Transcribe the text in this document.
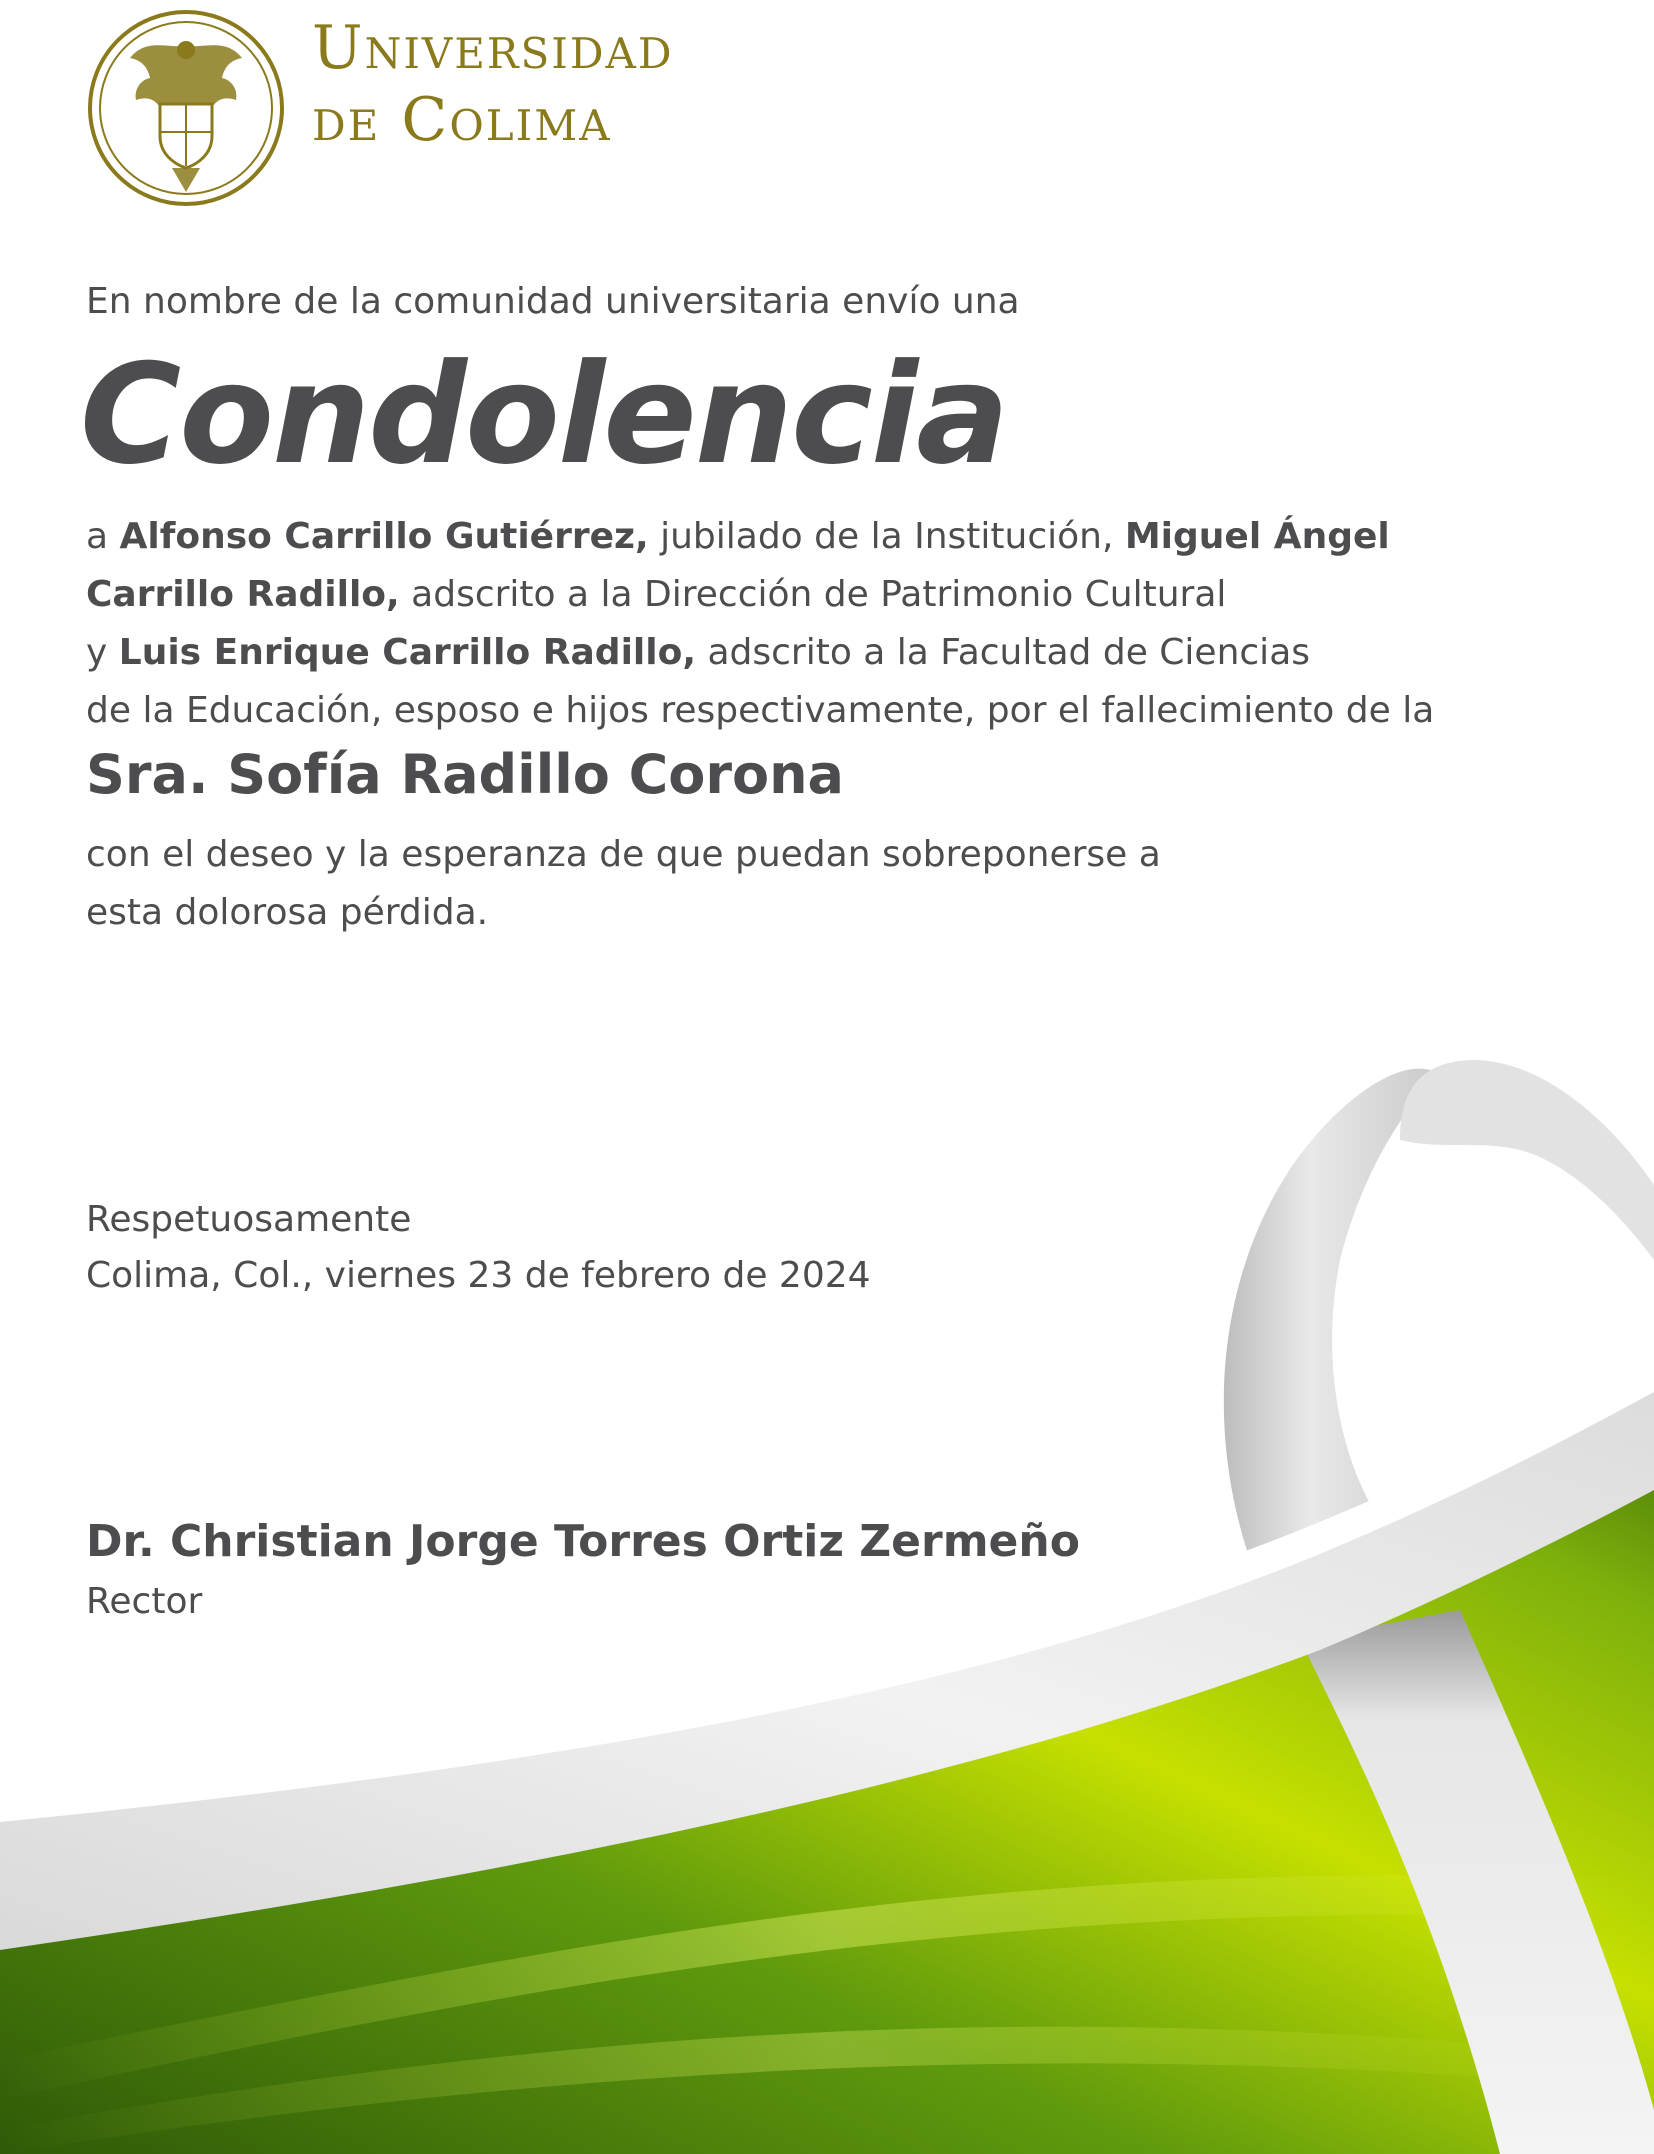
Universidad
de Colima
En nombre de la comunidad universitaria envío una
Condolencia
a Alfonso Carrillo Gutiérrez, jubilado de la Institución, Miguel Ángel
Carrillo Radillo, adscrito a la Dirección de Patrimonio Cultural
y Luis Enrique Carrillo Radillo, adscrito a la Facultad de Ciencias
de la Educación, esposo e hijos respectivamente, por el fallecimiento de la
Sra. Sofía Radillo Corona
con el deseo y la esperanza de que puedan sobreponerse a
esta dolorosa pérdida.
Respetuosamente
Colima, Col., viernes 23 de febrero de 2024
Dr. Christian Jorge Torres Ortiz Zermeño
Rector
